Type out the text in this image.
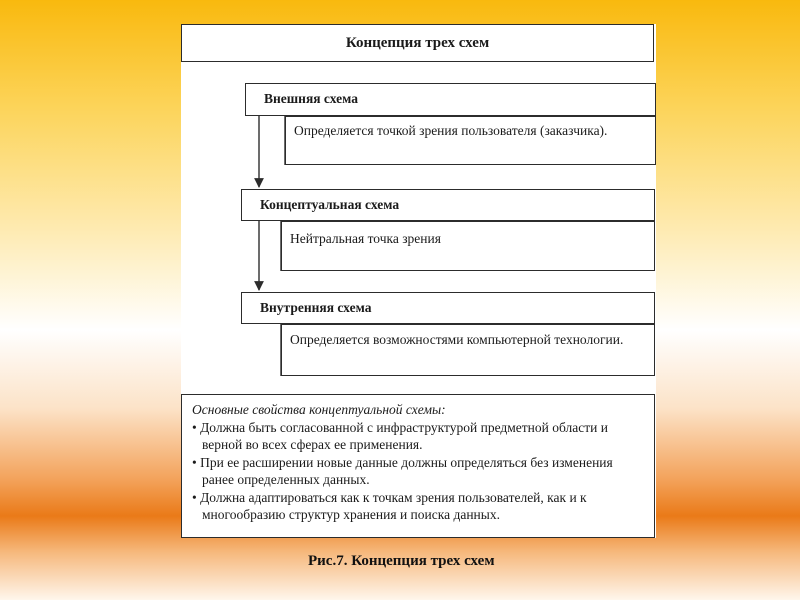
Концепция трех схем
Внешняя схема
Определяется точкой зрения пользователя (заказчика).
Концептуальная схема
Нейтральная точка зрения
Внутренняя схема
Определяется возможностями компьютерной технологии.
Основные свойства концептуальной схемы:
• Должна быть согласованной с инфраструктурой предметной области и верной во всех сферах ее применения.
• При ее расширении новые данные должны определяться без изменения ранее определенных данных.
• Должна адаптироваться как к точкам зрения пользователей, как и к многообразию структур хранения и поиска данных.
Рис.7. Концепция трех схем
